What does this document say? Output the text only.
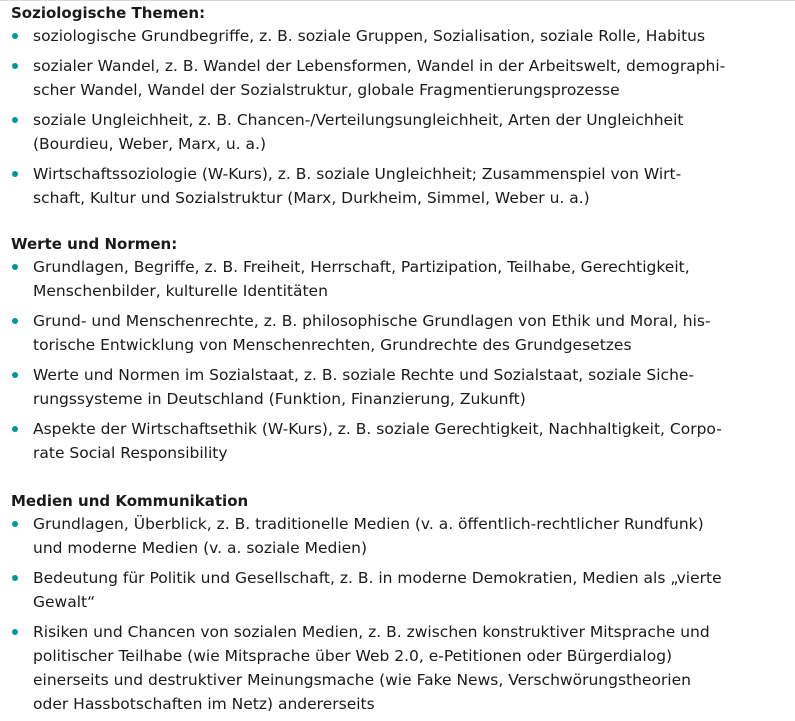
Soziologische Themen:
soziologische Grundbegriffe, z. B. soziale Gruppen, Sozialisation, soziale Rolle, Habitus
sozialer Wandel, z. B. Wandel der Lebensformen, Wandel in der Arbeitswelt, demographi-
scher Wandel, Wandel der Sozialstruktur, globale Fragmentierungsprozesse
soziale Ungleichheit, z. B. Chancen-/Verteilungsungleichheit, Arten der Ungleichheit
(Bourdieu, Weber, Marx, u. a.)
Wirtschaftssoziologie (W-Kurs), z. B. soziale Ungleichheit; Zusammenspiel von Wirt-
schaft, Kultur und Sozialstruktur (Marx, Durkheim, Simmel, Weber u. a.)
Werte und Normen:
Grundlagen, Begriffe, z. B. Freiheit, Herrschaft, Partizipation, Teilhabe, Gerechtigkeit,
Menschenbilder, kulturelle Identitäten
Grund- und Menschenrechte, z. B. philosophische Grundlagen von Ethik und Moral, his-
torische Entwicklung von Menschenrechten, Grundrechte des Grundgesetzes
Werte und Normen im Sozialstaat, z. B. soziale Rechte und Sozialstaat, soziale Siche-
rungssysteme in Deutschland (Funktion, Finanzierung, Zukunft)
Aspekte der Wirtschaftsethik (W-Kurs), z. B. soziale Gerechtigkeit, Nachhaltigkeit, Corpo-
rate Social Responsibility
Medien und Kommunikation
Grundlagen, Überblick, z. B. traditionelle Medien (v. a. öffentlich-rechtlicher Rundfunk)
und moderne Medien (v. a. soziale Medien)
Bedeutung für Politik und Gesellschaft, z. B. in moderne Demokratien, Medien als „vierte
Gewalt“
Risiken und Chancen von sozialen Medien, z. B. zwischen konstruktiver Mitsprache und
politischer Teilhabe (wie Mitsprache über Web 2.0, e-Petitionen oder Bürgerdialog)
einerseits und destruktiver Meinungsmache (wie Fake News, Verschwörungstheorien
oder Hassbotschaften im Netz) andererseits
